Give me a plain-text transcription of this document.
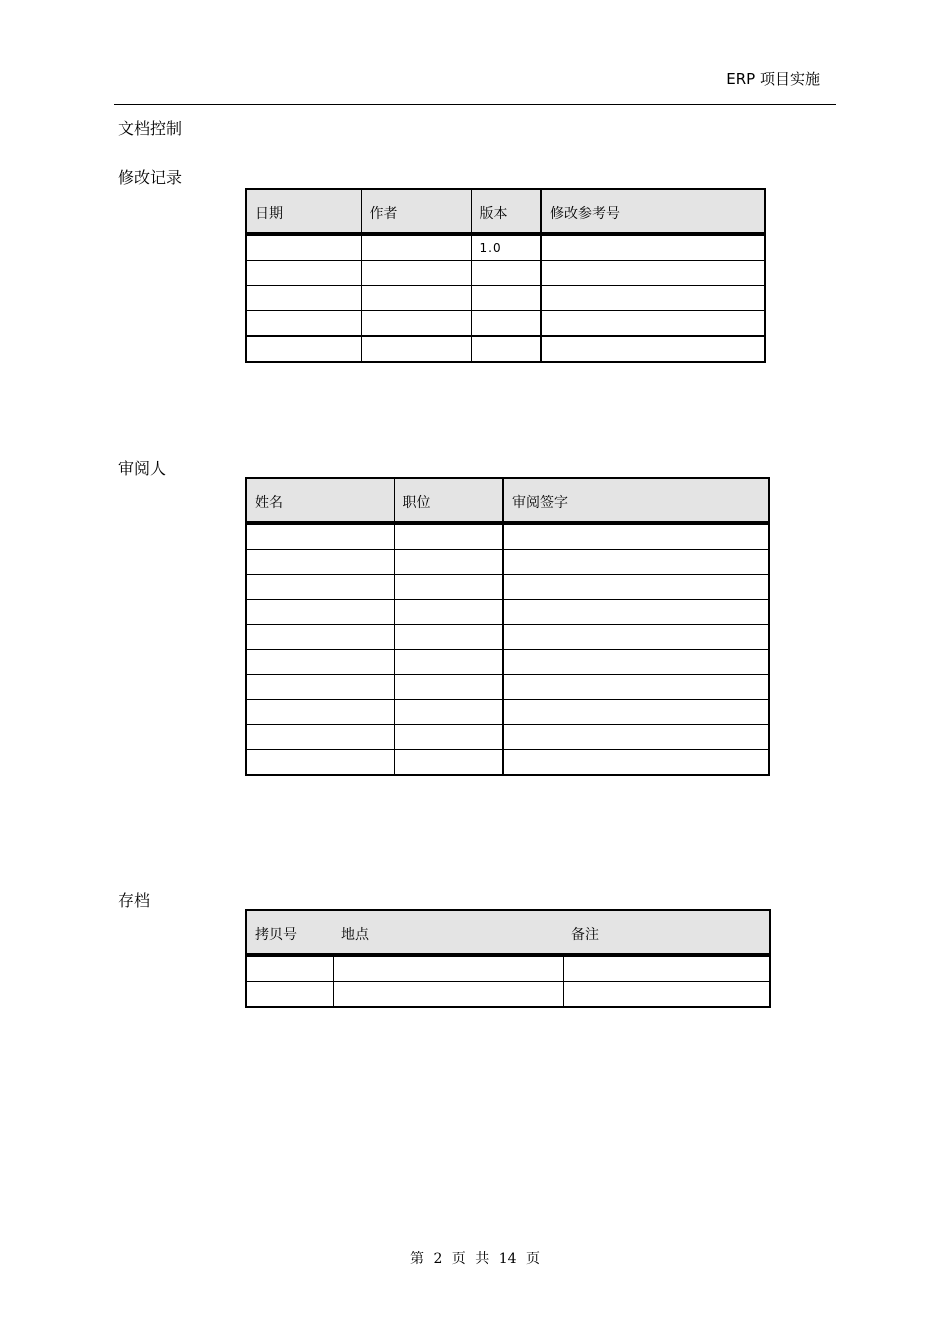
ERP 项目实施
文档控制
修改记录
日期	作者	版本	修改参考号
		1.0	

审阅人
姓名	职位	审阅签字

存档
拷贝号	地点	备注

第 2 页 共 14 页
